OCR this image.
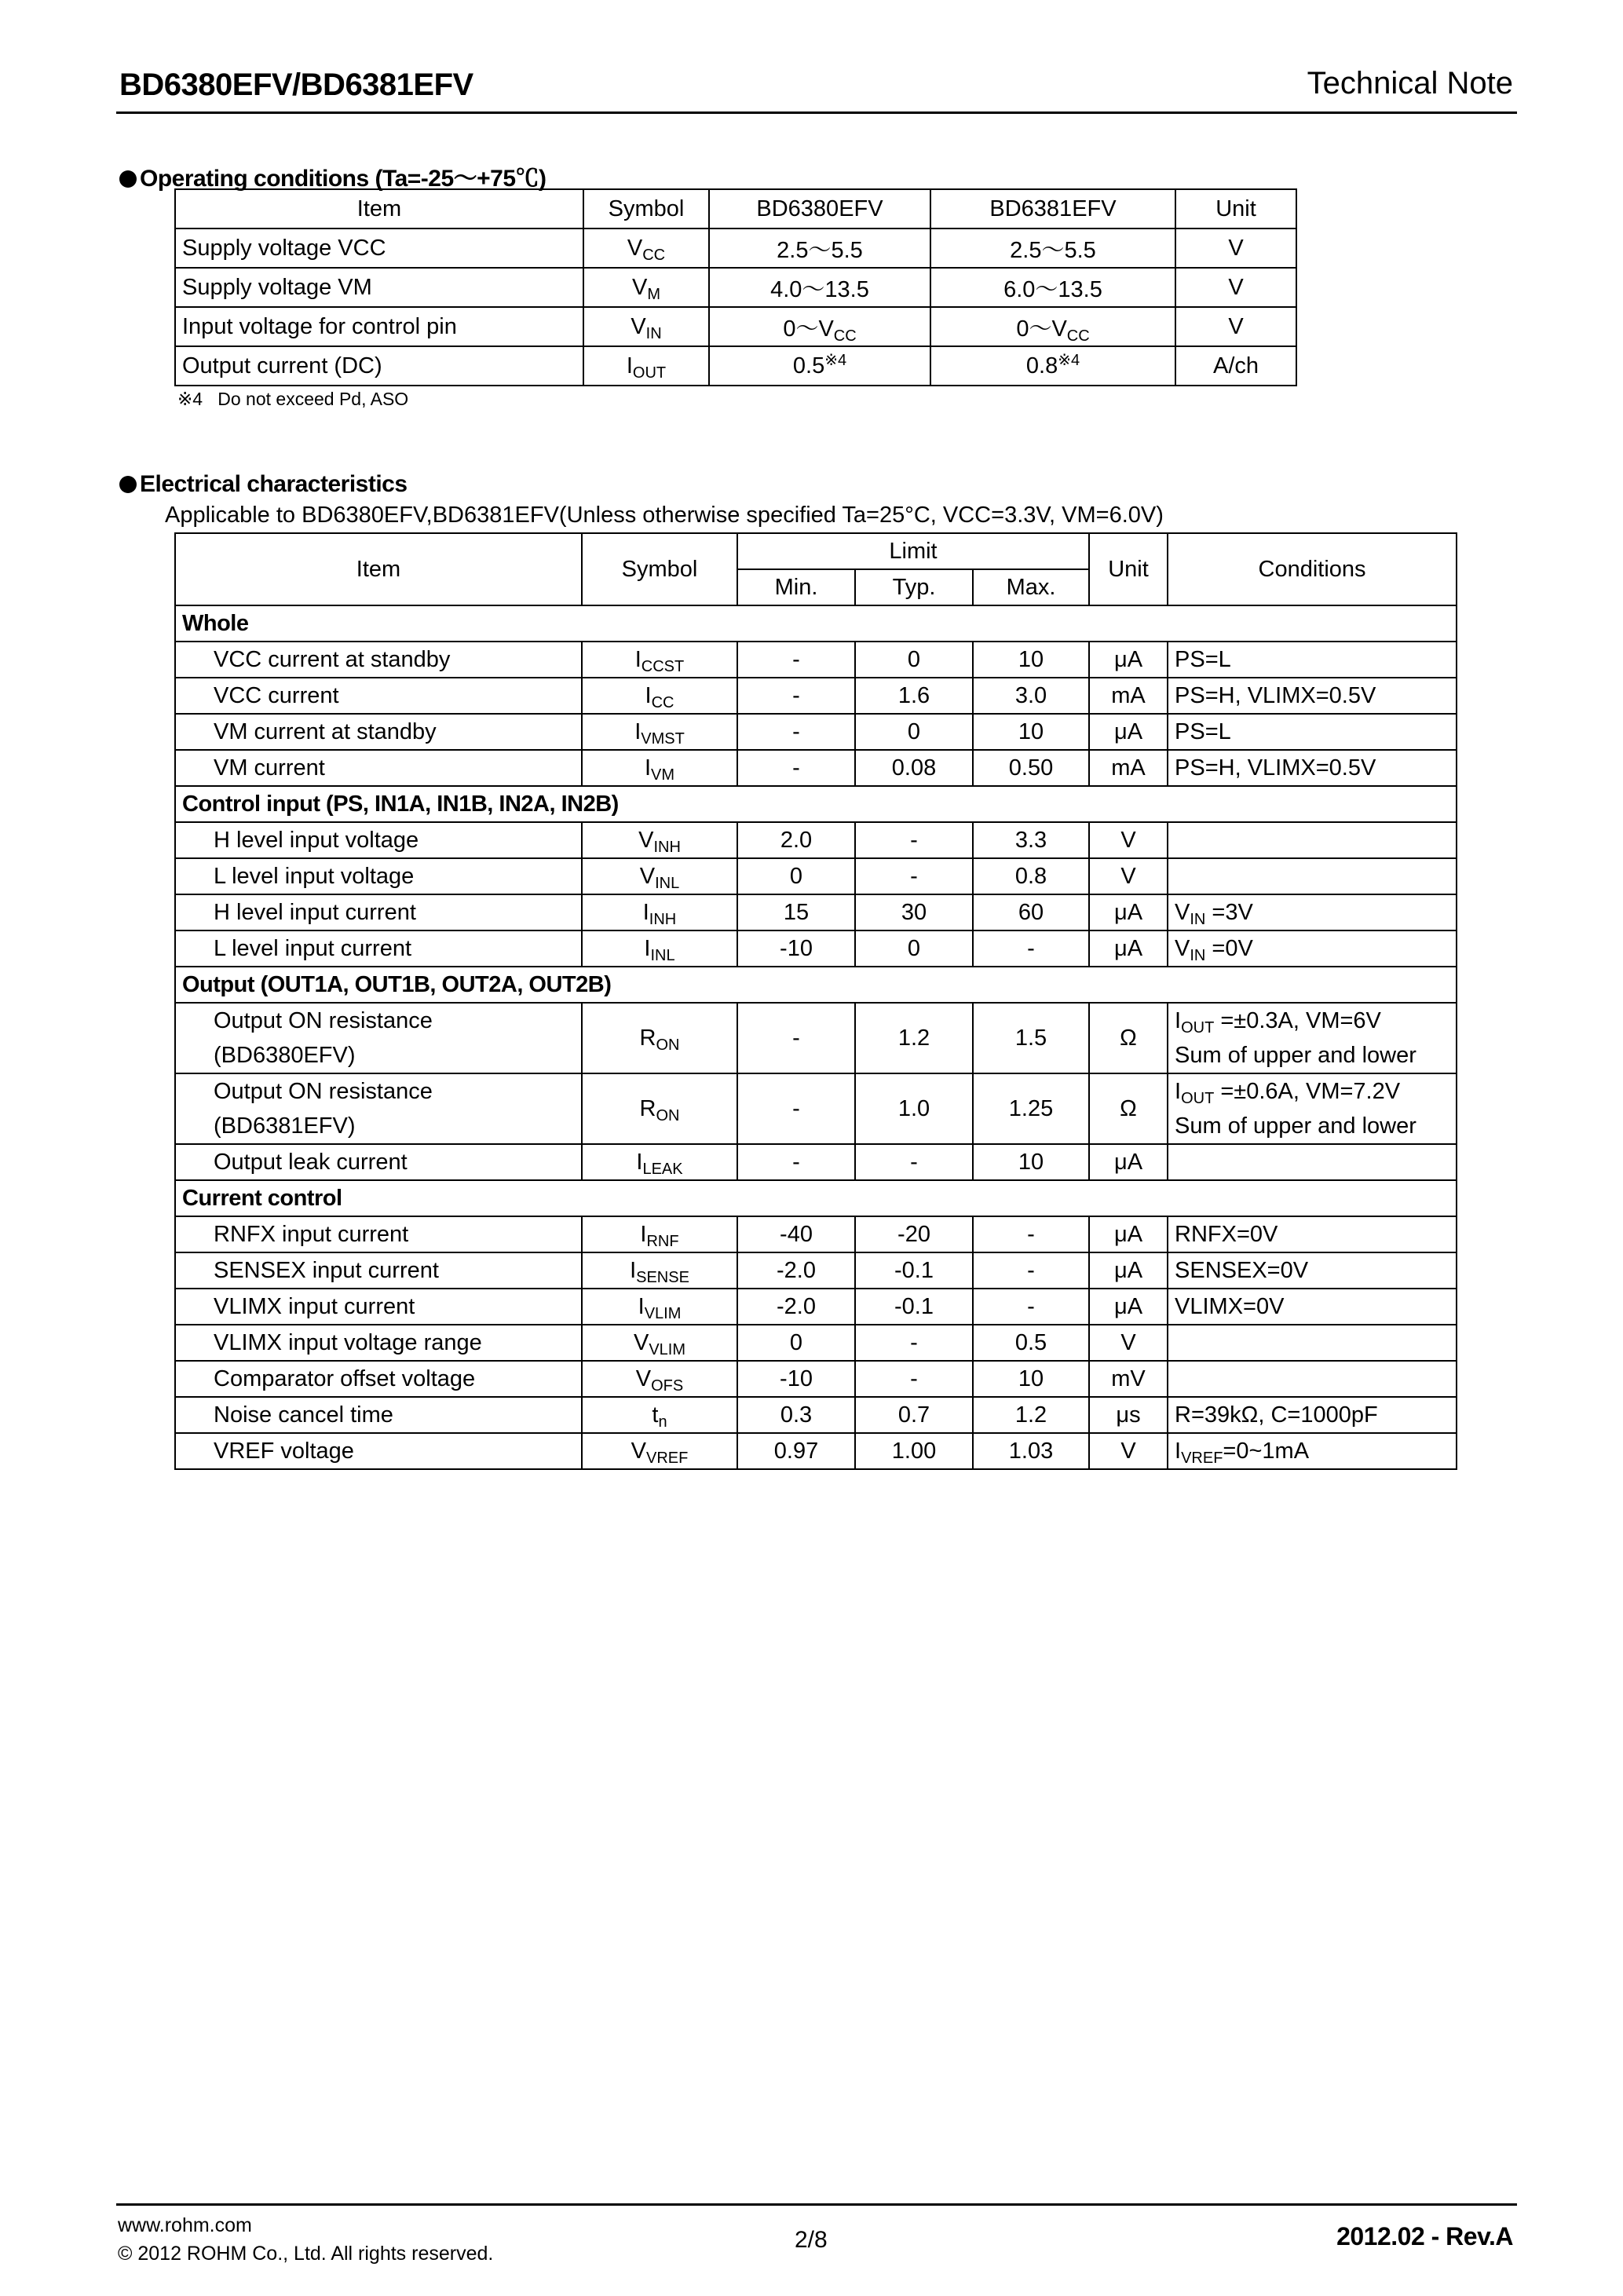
BD6380EFV/BD6381EFV	Technical Note
Operating conditions (Ta=-25～+75℃)
Item	Symbol	BD6380EFV	BD6381EFV	Unit
Supply voltage VCC	$V_{CC}$	2.5～5.5	2.5～5.5	V
Supply voltage VM	$V_M$	4.0～13.5	6.0～13.5	V
Input voltage for control pin	$V_{IN}$	$0\sim V_{CC}$	$0\sim V_{CC}$	V
Output current (DC)	$I_{OUT}$	0.5$^{※4}$	0.8$^{※4}$	A/ch
※4 Do not exceed Pd, ASO
Electrical characteristics
Applicable to BD6380EFV,BD6381EFV(Unless otherwise specified Ta=25°C, VCC=3.3V, VM=6.0V)
Item	Symbol	Limit			Unit	Conditions
		Min.	Typ.	Max.		
Whole						
VCC current at standby	$I_{CCST}$	-	0	10	μA	PS=L
VCC current	$I_{CC}$	-	1.6	3.0	mA	PS=H, VLIMX=0.5V
VM current at standby	$I_{VMST}$	-	0	10	μA	PS=L
VM current	$I_{VM}$	-	0.08	0.50	mA	PS=H, VLIMX=0.5V
Control input (PS, IN1A, IN1B, IN2A, IN2B)						
H level input voltage	$V_{INH}$	2.0	-	3.3	V	
L level input voltage	$V_{INL}$	0	-	0.8	V	
H level input current	$I_{INH}$	15	30	60	μA	$V_{IN} =3V$
L level input current	$I_{INL}$	-10	0	-	μA	$V_{IN} =0V$
Output (OUT1A, OUT1B, OUT2A, OUT2B)						
Output ON resistance
(BD6380EFV)	$R_{ON}$	-	1.2	1.5	Ω	$I_{OUT} =\pm 0.3A$, VM=6V
Sum of upper and lower
Output ON resistance
(BD6381EFV)	$R_{ON}$	-	1.0	1.25	Ω	$I_{OUT} =\pm 0.6A$, VM=7.2V
Sum of upper and lower
Output leak current	$I_{LEAK}$	-	-	10	μA	
Current control						
RNFX input current	$I_{RNF}$	-40	-20	-	μA	RNFX=0V
SENSEX input current	$I_{SENSE}$	-2.0	-0.1	-	μA	SENSEX=0V
VLIMX input current	$I_{VLIM}$	-2.0	-0.1	-	μA	VLIMX=0V
VLIMX input voltage range	$V_{VLIM}$	0	-	0.5	V	
Comparator offset voltage	$V_{OFS}$	-10	-	10	mV	
Noise cancel time	$t_n$	0.3	0.7	1.2	μs	R=39kΩ, C=1000pF
VREF voltage	$V_{VREF}$	0.97	1.00	1.03	V	$I_{VREF}=0\sim 1mA$
www.rohm.com
© 2012 ROHM Co., Ltd. All rights reserved.
2/8	2012.02 - Rev.A
